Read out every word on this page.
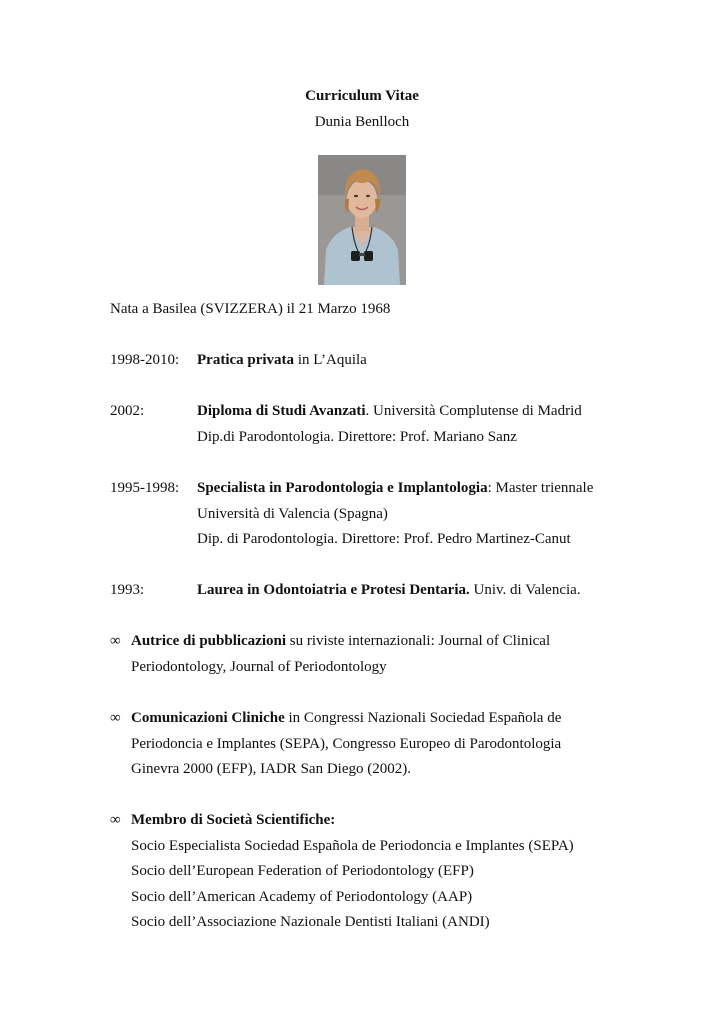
Curriculum Vitae
Dunia Benlloch
Nata a Basilea (SVIZZERA) il 21 Marzo 1968
1998-2010:	Pratica privata in L’Aquila
2002:	Diploma di Studi Avanzati. Università Complutense di Madrid
Dip.di Parodontologia. Direttore: Prof. Mariano Sanz
1995-1998:	Specialista in Parodontologia e Implantologia: Master triennale
Università di Valencia (Spagna)
Dip. di Parodontologia. Direttore: Prof. Pedro Martinez-Canut
1993:	Laurea in Odontoiatria e Protesi Dentaria. Univ. di Valencia.
∞ Autrice di pubblicazioni su riviste internazionali: Journal of Clinical
Periodontology, Journal of Periodontology
∞ Comunicazioni Cliniche in Congressi Nazionali Sociedad Española de
Periodoncia e Implantes (SEPA), Congresso Europeo di Parodontologia
Ginevra 2000 (EFP), IADR San Diego (2002).
∞ Membro di Società Scientifiche:
Socio Especialista Sociedad Española de Periodoncia e Implantes (SEPA)
Socio dell’European Federation of Periodontology (EFP)
Socio dell’American Academy of Periodontology (AAP)
Socio dell’Associazione Nazionale Dentisti Italiani (ANDI)
